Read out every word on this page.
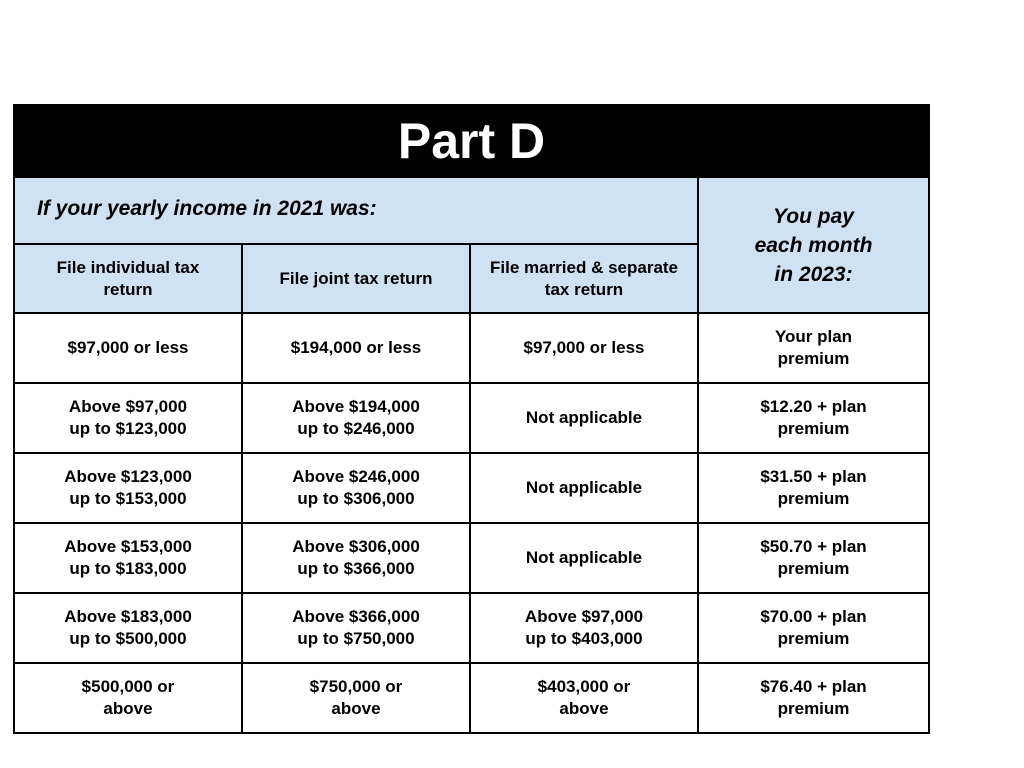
Part D			
If your yearly income in 2021 was:			You pay
each month
in 2023:
File individual tax
return	File joint tax return	File married & separate
tax return	
$97,000 or less	$194,000 or less	$97,000 or less	Your plan
premium
Above $97,000
up to $123,000	Above $194,000
up to $246,000	Not applicable	$12.20 + plan
premium
Above $123,000
up to $153,000	Above $246,000
up to $306,000	Not applicable	$31.50 + plan
premium
Above $153,000
up to $183,000	Above $306,000
up to $366,000	Not applicable	$50.70 + plan
premium
Above $183,000
up to $500,000	Above $366,000
up to $750,000	Above $97,000
up to $403,000	$70.00 + plan
premium
$500,000 or
above	$750,000 or
above	$403,000 or
above	$76.40 + plan
premium
